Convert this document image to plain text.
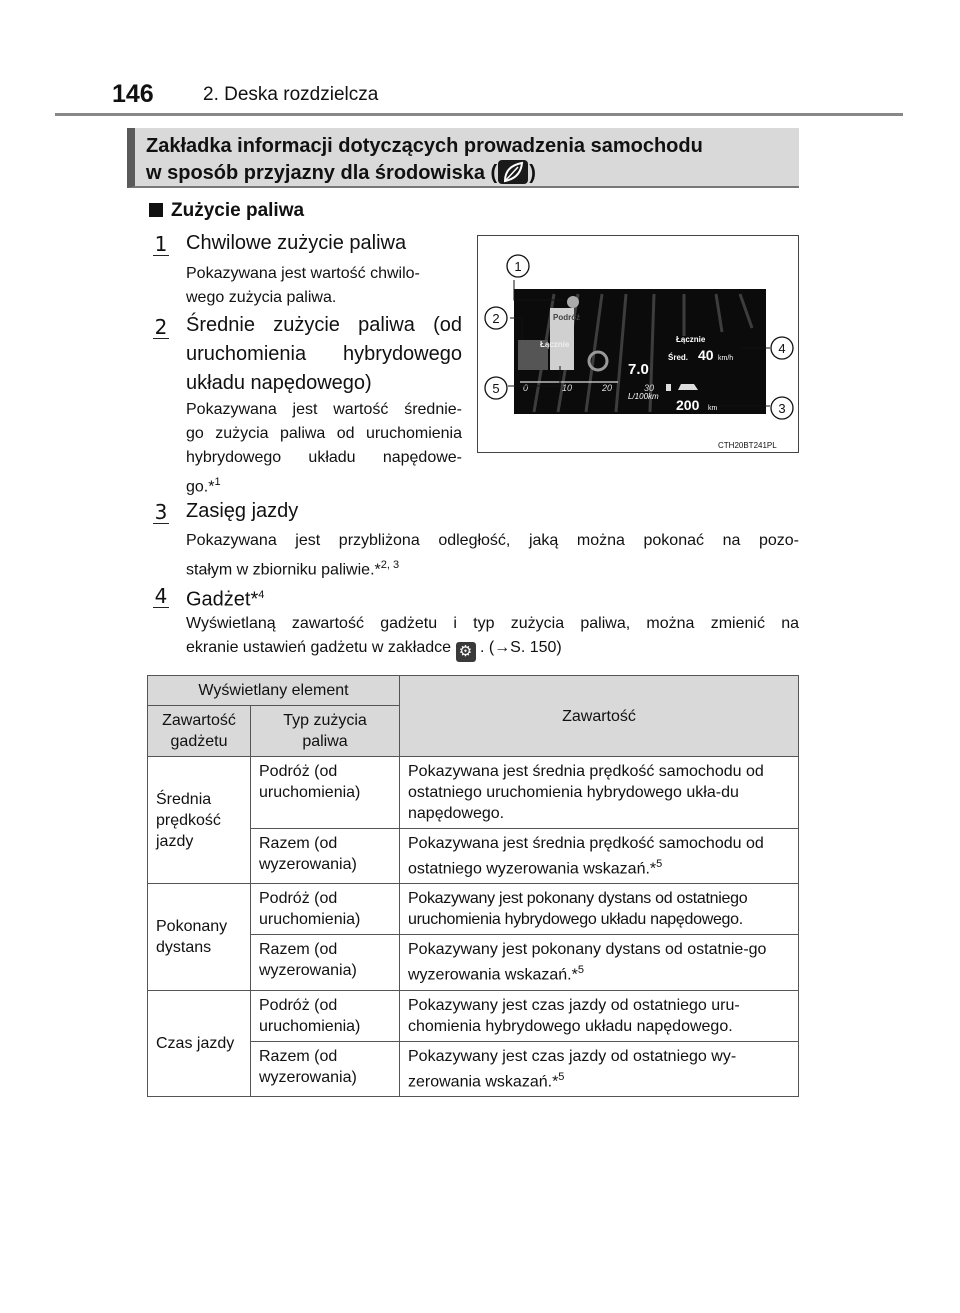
146	2. Deska rozdzielcza
Zakładka informacji dotyczących prowadzenia samochodu
w sposób przyjazny dla środowiska ( )
Zużycie paliwa
1 Chwilowe zużycie paliwa
Pokazywana jest wartość chwilo-
wego zużycia paliwa.
2 Średnie zużycie paliwa (od
uruchomienia hybrydowego
układu napędowego)
Pokazywana jest wartość średnie-
go zużycia paliwa od uruchomienia
hybrydowego układu napędowe-
go.*$^1$
Podróż
Łącznie
0	10	20	30
7.0
L/100km
Łącznie
Śred. 40 km/h
200 km
1
2
3
4
5
CTH20BT241PL
3 Zasięg jazdy
Pokazywana jest przybliżona odległość, jaką można pokonać na pozo-
stałym w zbiorniku paliwie.*$^{2, 3}$
4 Gadżet*$^4$
Wyświetlaną zawartość gadżetu i typ zużycia paliwa, można zmienić na
ekranie ustawień gadżetu w zakładce ⚙ . (→S. 150)
Wyświetlany element		Zawartość
Zawartość gadżetu	Typ zużycia paliwa	
Średnia prędkość jazdy	Podróż (od uruchomienia)	Pokazywana jest średnia prędkość samochodu od ostatniego uruchomienia hybrydowego ukła-du napędowego.
	Razem (od wyzerowania)	Pokazywana jest średnia prędkość samochodu od ostatniego wyzerowania wskazań.*$^5$
Pokonany dystans	Podróż (od uruchomienia)	Pokazywany jest pokonany dystans od ostatniego uruchomienia hybrydowego układu napędowego.
	Razem (od wyzerowania)	Pokazywany jest pokonany dystans od ostatnie-go wyzerowania wskazań.*$^5$
Czas jazdy	Podróż (od uruchomienia)	Pokazywany jest czas jazdy od ostatniego uru-chomienia hybrydowego układu napędowego.
	Razem (od wyzerowania)	Pokazywany jest czas jazdy od ostatniego wy-zerowania wskazań.*$^5$
